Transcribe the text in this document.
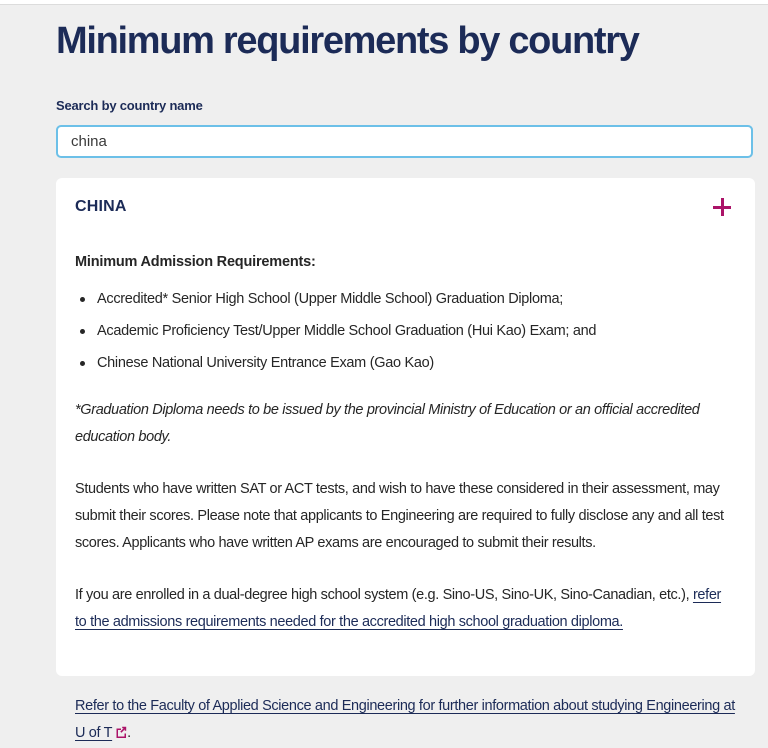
Minimum requirements by country
Search by country name
china
CHINA
Minimum Admission Requirements:
Accredited* Senior High School (Upper Middle School) Graduation Diploma;
Academic Proficiency Test/Upper Middle School Graduation (Hui Kao) Exam; and
Chinese National University Entrance Exam (Gao Kao)

*Graduation Diploma needs to be issued by the provincial Ministry of Education or an official accredited education body.

Students who have written SAT or ACT tests, and wish to have these considered in their assessment, may submit their scores. Please note that applicants to Engineering are required to fully disclose any and all test scores. Applicants who have written AP exams are encouraged to submit their results.

If you are enrolled in a dual-degree high school system (e.g. Sino-US, Sino-UK, Sino-Canadian, etc.), refer to the admissions requirements needed for the accredited high school graduation diploma.

Refer to the Faculty of Applied Science and Engineering for further information about studying Engineering at U of T .
